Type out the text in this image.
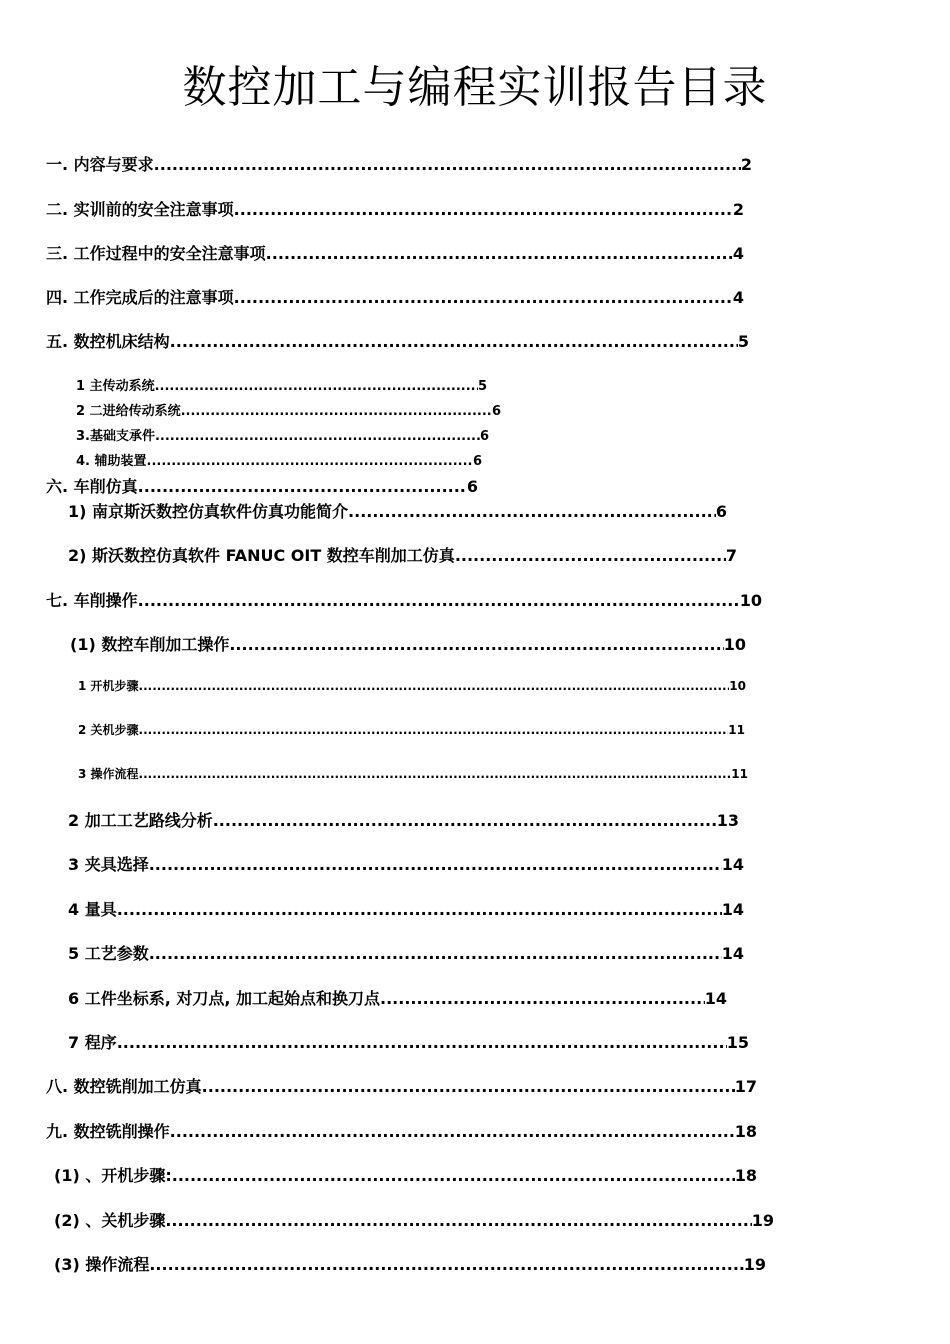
数控加工与编程实训报告目录
一. 内容与要求 .....	2
二. 实训前的安全注意事项 .....	2
三. 工作过程中的安全注意事项 .....	4
四. 工作完成后的注意事项 .....	4
五. 数控机床结构 .....	5
1 主传动系统 .....	5
2 二进给传动系统 .....	6
3.基础支承件 .....	6
4. 辅助装置 .....	6
六. 车削仿真 .....	6
1) 南京斯沃数控仿真软件仿真功能简介 .....	6
2) 斯沃数控仿真软件 FANUC OIT 数控车削加工仿真 .....	7
七. 车削操作 .....	10
(1) 数控车削加工操作 .....	10
1 开机步骤 .....	10
2 关机步骤 .....	11
3 操作流程 .....	11
2 加工工艺路线分析 .....	13
3 夹具选择 .....	14
4 量具 .....	14
5 工艺参数 .....	14
6 工件坐标系, 对刀点, 加工起始点和换刀点 .....	14
7 程序 .....	15
八. 数控铣削加工仿真 .....	17
九. 数控铣削操作 .....	18
(1) 、开机步骤: .....	18
(2) 、关机步骤 .....	19
(3) 操作流程 .....	19
